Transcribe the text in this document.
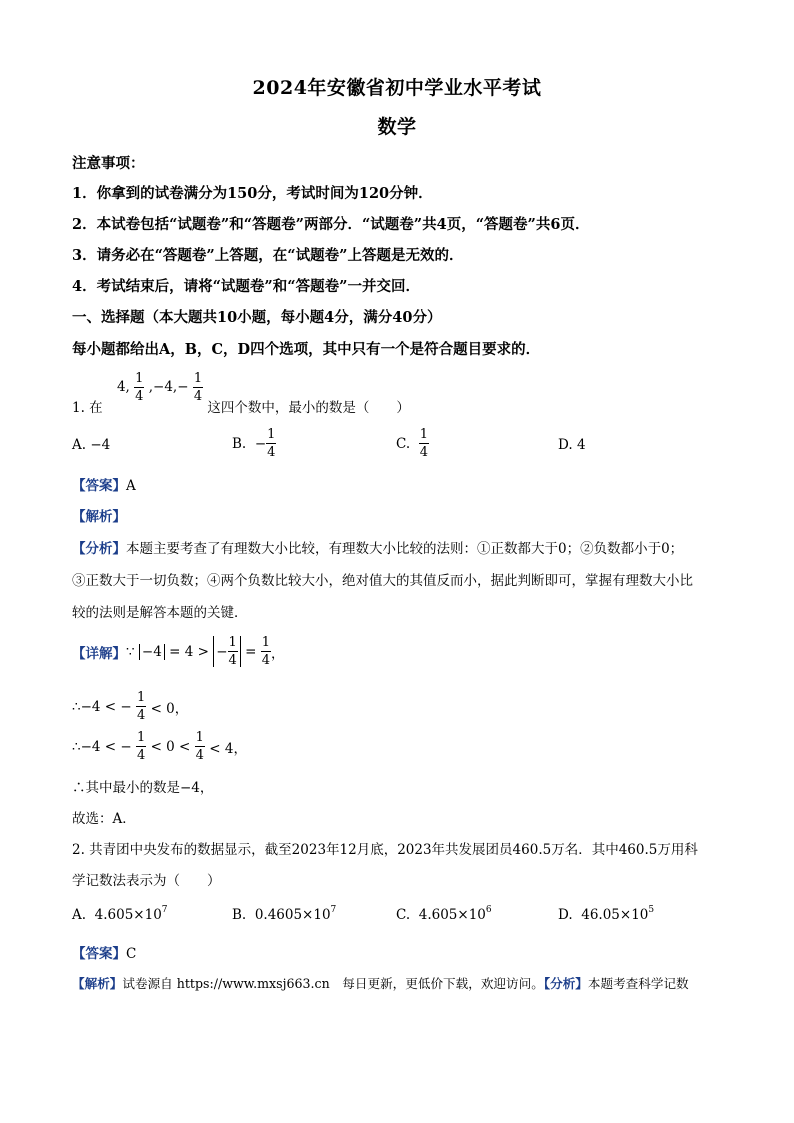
2024年安徽省初中学业水平考试
数学
注意事项：
1．你拿到的试卷满分为150分，考试时间为120分钟．
2．本试卷包括“试题卷”和“答题卷”两部分．“试题卷”共4页，“答题卷”共6页．
3．请务必在“答题卷”上答题，在“试题卷”上答题是无效的．
4．考试结束后，请将“试题卷”和“答题卷”一并交回．
一、选择题（本大题共10小题，每小题4分，满分40分）
每小题都给出A，B，C，D四个选项，其中只有一个是符合题目要求的．
1. 在 4, $\frac{1}{4} ,-4,- \frac{1}{4}$
这四个数中，最小的数是（　　）
A. −4	B. − $\frac{1}{4}$	C. $\frac{1}{4}$	D. 4
【答案】A
【解析】
【分析】本题主要考查了有理数大小比较，有理数大小比较的法则：①正数都大于0；②负数都小于0；
③正数大于一切负数；④两个负数比较大小，绝对值大的其值反而小，据此判断即可，掌握有理数大小比
较的法则是解答本题的关键．
【详解】∵ −4 = 4 > − $\frac{1}{4} = \frac{1}{4}$ ，
∴−4 < − $\frac{1}{4} < 0$，
∴−4 < − $\frac{1}{4} < 0 < \frac{1}{4} < 4$，
∴其中最小的数是−4，
故选：A．
2. 共青团中央发布的数据显示，截至2023年12月底，2023年共发展团员460.5万名．其中460.5万用科
学记数法表示为（　　）
A. $4.605\times 10^7$	B. $0.4605\times 10^7$	C. $4.605\times 10^6$	D. $46.05\times 10^5$
【答案】C
【解析】试卷源自 https://www.mxsj663.cn　每日更新，更低价下载，欢迎访问。【分析】本题考查科学记数
